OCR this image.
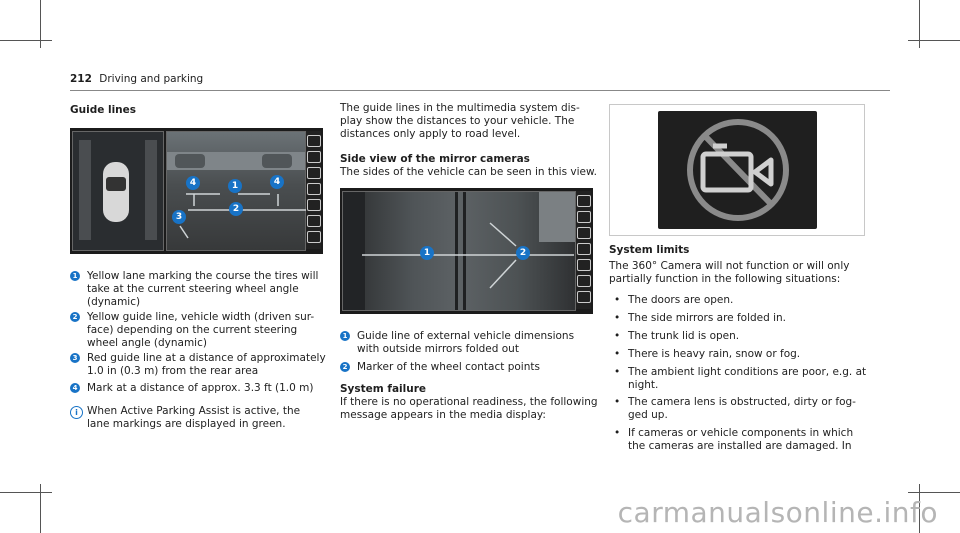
212 Driving and parking
Guide lines
4	1	4
2
3
1 Yellow lane marking the course the tires will
take at the current steering wheel angle
(dynamic)
2 Yellow guide line, vehicle width (driven sur-
face) depending on the current steering
wheel angle (dynamic)
3 Red guide line at a distance of approximately
1.0 in (0.3 m) from the rear area
4 Mark at a distance of approx. 3.3 ft (1.0 m)
i When Active Parking Assist is active, the
lane markings are displayed in green.
The guide lines in the multimedia system dis-
play show the distances to your vehicle. The
distances only apply to road level.
Side view of the mirror cameras
The sides of the vehicle can be seen in this view.
1	2
1 Guide line of external vehicle dimensions
with outside mirrors folded out
2 Marker of the wheel contact points
System failure
If there is no operational readiness, the following
message appears in the media display:
System limits
The 360° Camera will not function or will only
partially function in the following situations:
• The doors are open.
• The side mirrors are folded in.
• The trunk lid is open.
• There is heavy rain, snow or fog.
• The ambient light conditions are poor, e.g. at
night.
• The camera lens is obstructed, dirty or fog-
ged up.
• If cameras or vehicle components in which
the cameras are installed are damaged. In
carmanualsonline.info
